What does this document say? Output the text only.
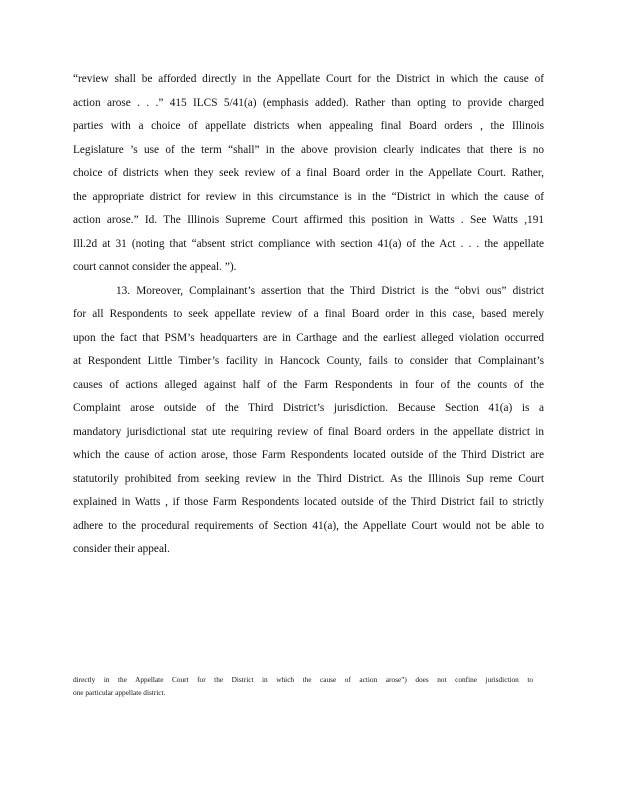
“review shall be afforded directly in the Appellate Court for the District in which the cause of
action arose . . .” 415 ILCS 5/41(a) (emphasis added). Rather than opting to provide charged
parties with a choice of appellate districts when appealing final Board orders , the Illinois
Legislature ’s use of the term “shall” in the above provision clearly indicates that there is no
choice of districts when they seek review of a final Board order in the Appellate Court. Rather,
the appropriate district for review in this circumstance is in the “District in which the cause of
action arose.” Id. The Illinois Supreme Court affirmed this position in Watts . See Watts ,191
Ill.2d at 31 (noting that “absent strict compliance with section 41(a) of the Act . . . the appellate
court cannot consider the appeal. ”).
13. Moreover, Complainant’s assertion that the Third District is the “obvi ous” district
for all Respondents to seek appellate review of a final Board order in this case, based merely
upon the fact that PSM’s headquarters are in Carthage and the earliest alleged violation occurred
at Respondent Little Timber’s facility in Hancock County, fails to consider that Complainant’s
causes of actions alleged against half of the Farm Respondents in four of the counts of the
Complaint arose outside of the Third District’s jurisdiction. Because Section 41(a) is a
mandatory jurisdictional stat ute requiring review of final Board orders in the appellate district in
which the cause of action arose, those Farm Respondents located outside of the Third District are
statutorily prohibited from seeking review in the Third District. As the Illinois Sup reme Court
explained in Watts , if those Farm Respondents located outside of the Third District fail to strictly
adhere to the procedural requirements of Section 41(a), the Appellate Court would not be able to
consider their appeal.
directly in the Appellate Court for the District in which the cause of action arose”) does not confine jurisdiction to
one particular appellate district.
